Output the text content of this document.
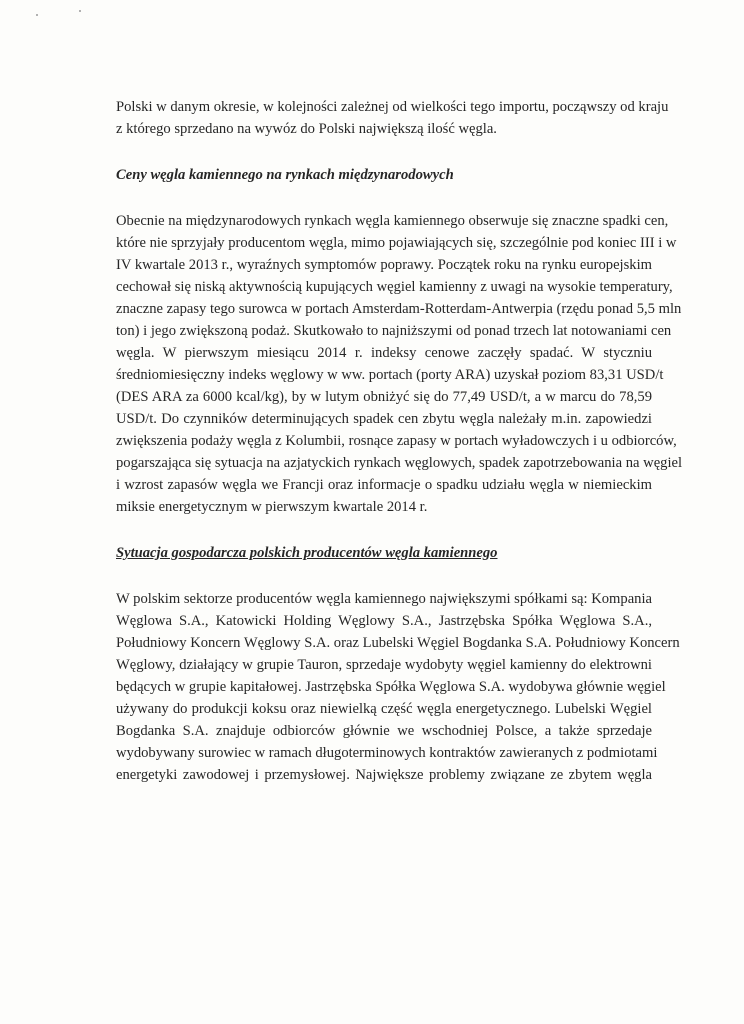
Polski w danym okresie, w kolejności zależnej od wielkości tego importu, począwszy od kraju
z którego sprzedano na wywóz do Polski największą ilość węgla.

Ceny węgla kamiennego na rynkach międzynarodowych

Obecnie na międzynarodowych rynkach węgla kamiennego obserwuje się znaczne spadki cen,
które nie sprzyjały producentom węgla, mimo pojawiających się, szczególnie pod koniec III i w
IV kwartale 2013 r., wyraźnych symptomów poprawy. Początek roku na rynku europejskim
cechował się niską aktywnością kupujących węgiel kamienny z uwagi na wysokie temperatury,
znaczne zapasy tego surowca w portach Amsterdam-Rotterdam-Antwerpia (rzędu ponad 5,5 mln
ton) i jego zwiększoną podaż. Skutkowało to najniższymi od ponad trzech lat notowaniami cen
węgla. W pierwszym miesiącu 2014 r. indeksy cenowe zaczęły spadać. W styczniu
średniomiesięczny indeks węglowy w ww. portach (porty ARA) uzyskał poziom 83,31 USD/t
(DES ARA za 6000 kcal/kg), by w lutym obniżyć się do 77,49 USD/t, a w marcu do 78,59
USD/t. Do czynników determinujących spadek cen zbytu węgla należały m.in. zapowiedzi
zwiększenia podaży węgla z Kolumbii, rosnące zapasy w portach wyładowczych i u odbiorców,
pogarszająca się sytuacja na azjatyckich rynkach węglowych, spadek zapotrzebowania na węgiel
i wzrost zapasów węgla we Francji oraz informacje o spadku udziału węgla w niemieckim
miksie energetycznym w pierwszym kwartale 2014 r.

Sytuacja gospodarcza polskich producentów węgla kamiennego

W polskim sektorze producentów węgla kamiennego największymi spółkami są: Kompania
Węglowa S.A., Katowicki Holding Węglowy S.A., Jastrzębska Spółka Węglowa S.A.,
Południowy Koncern Węglowy S.A. oraz Lubelski Węgiel Bogdanka S.A. Południowy Koncern
Węglowy, działający w grupie Tauron, sprzedaje wydobyty węgiel kamienny do elektrowni
będących w grupie kapitałowej. Jastrzębska Spółka Węglowa S.A. wydobywa głównie węgiel
używany do produkcji koksu oraz niewielką część węgla energetycznego. Lubelski Węgiel
Bogdanka S.A. znajduje odbiorców głównie we wschodniej Polsce, a także sprzedaje
wydobywany surowiec w ramach długoterminowych kontraktów zawieranych z podmiotami
energetyki zawodowej i przemysłowej. Największe problemy związane ze zbytem węgla
